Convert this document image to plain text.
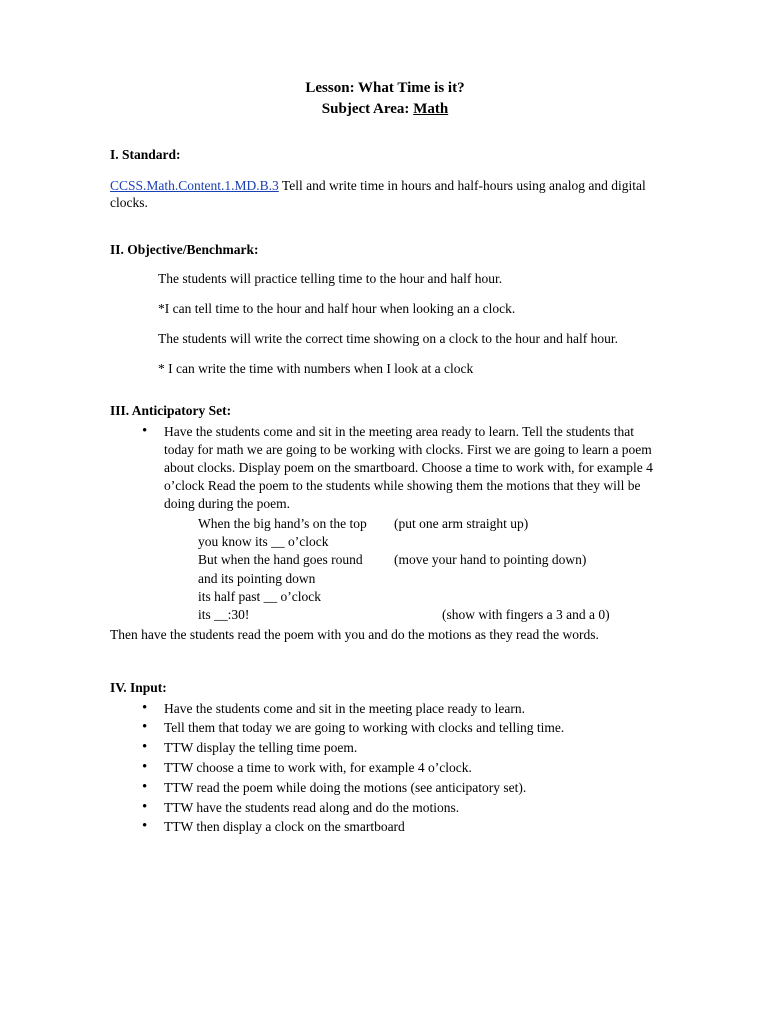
Lesson: What Time is it?
Subject Area: Math
I. Standard:
CCSS.Math.Content.1.MD.B.3 Tell and write time in hours and half-hours using analog and digital clocks.
II. Objective/Benchmark:
The students will practice telling time to the hour and half hour.
*I can tell time to the hour and half hour when looking an a clock.
The students will write the correct time showing on a clock to the hour and half hour.
* I can write the time with numbers when I look at a clock
III. Anticipatory Set:
• Have the students come and sit in the meeting area ready to learn. Tell the students that today for math we are going to be working with clocks. First we are going to learn a poem about clocks. Display poem on the smartboard. Choose a time to work with, for example 4 o’clock Read the poem to the students while showing them the motions that they will be doing during the poem.
When the big hand’s on the top	(put one arm straight up)
you know its __ o’clock
But when the hand goes round	(move your hand to pointing down)
and its pointing down
its half past __ o’clock
its __:30!	(show with fingers a 3 and a 0)
Then have the students read the poem with you and do the motions as they read the words.
IV. Input:
• Have the students come and sit in the meeting place ready to learn.
• Tell them that today we are going to working with clocks and telling time.
• TTW display the telling time poem.
• TTW choose a time to work with, for example 4 o’clock.
• TTW read the poem while doing the motions (see anticipatory set).
• TTW have the students read along and do the motions.
• TTW then display a clock on the smartboard
